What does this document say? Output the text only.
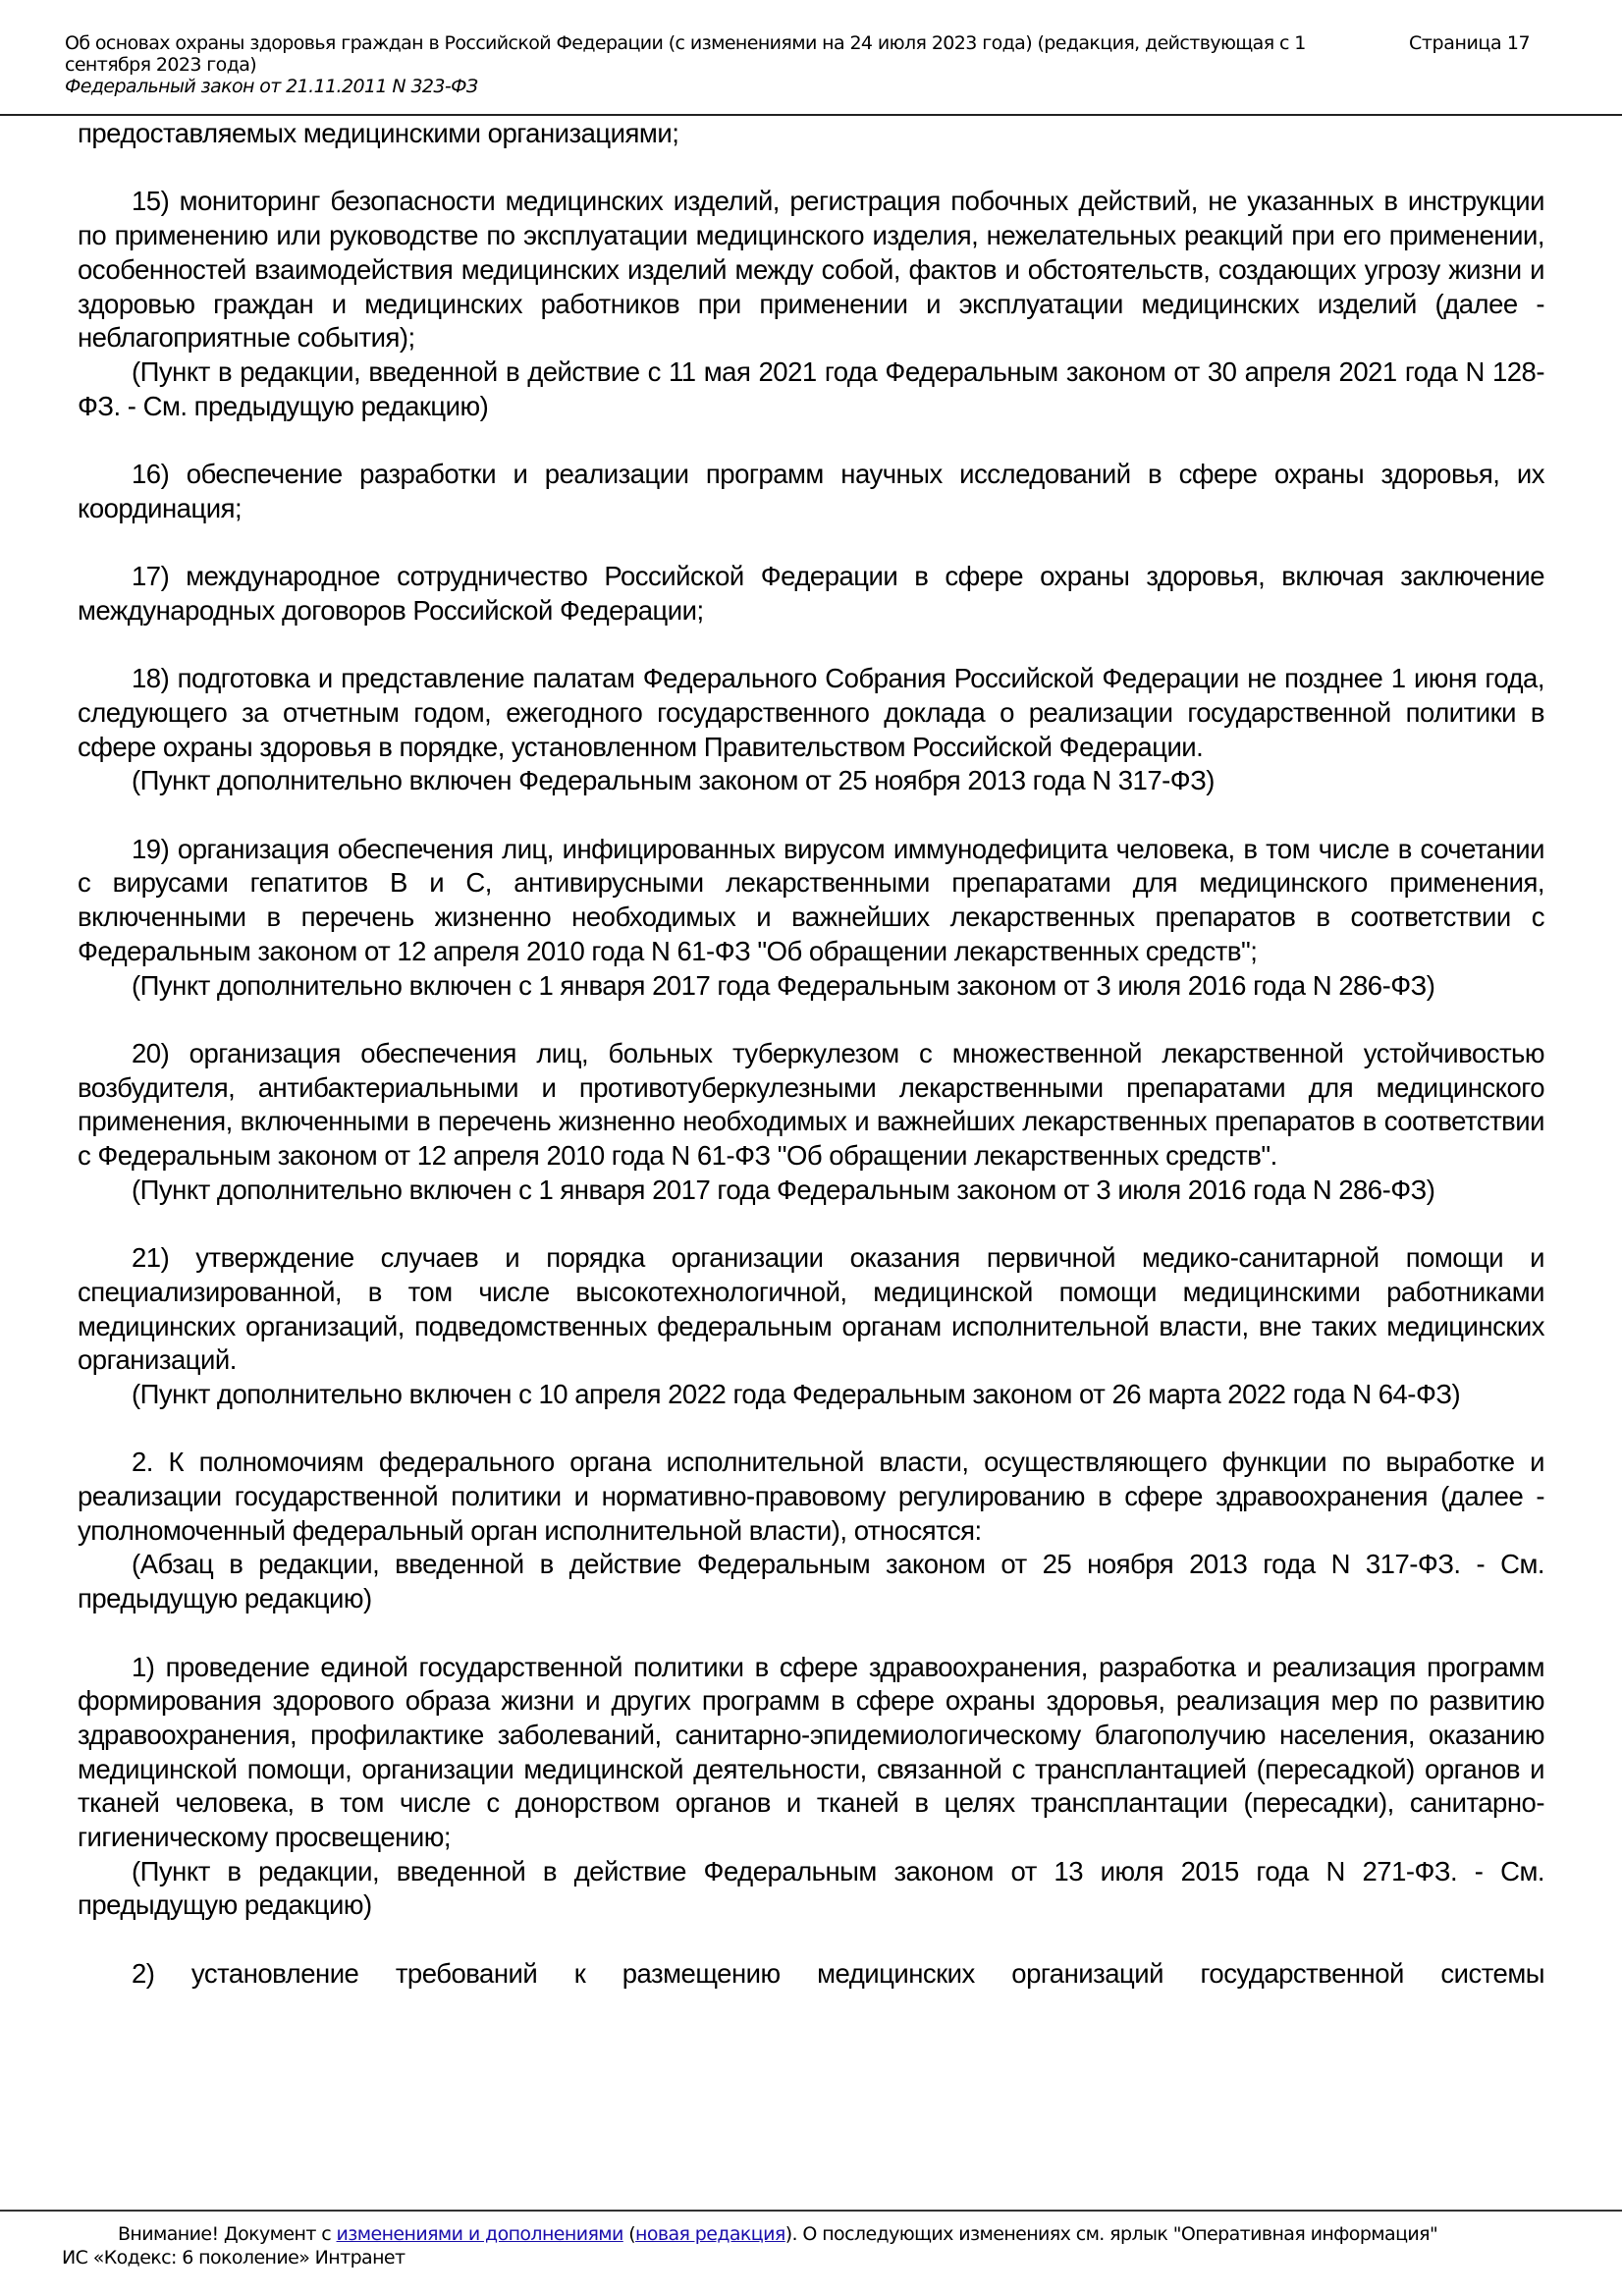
Об основах охраны здоровья граждан в Российской Федерации (с изменениями на 24 июля 2023 года) (редакция, действующая с 1 сентября 2023 года)
Федеральный закон от 21.11.2011 N 323-ФЗ
Страница 17

предоставляемых медицинскими организациями;

15) мониторинг безопасности медицинских изделий, регистрация побочных действий, не указанных в инструкции по применению или руководстве по эксплуатации медицинского изделия, нежелательных реакций при его применении, особенностей взаимодействия медицинских изделий между собой, фактов и обстоятельств, создающих угрозу жизни и здоровью граждан и медицинских работников при применении и эксплуатации медицинских изделий (далее - неблагоприятные события);

(Пункт в редакции, введенной в действие с 11 мая 2021 года Федеральным законом от 30 апреля 2021 года N 128-ФЗ. - См. предыдущую редакцию)

16) обеспечение разработки и реализации программ научных исследований в сфере охраны здоровья, их координация;

17) международное сотрудничество Российской Федерации в сфере охраны здоровья, включая заключение международных договоров Российской Федерации;

18) подготовка и представление палатам Федерального Собрания Российской Федерации не позднее 1 июня года, следующего за отчетным годом, ежегодного государственного доклада о реализации государственной политики в сфере охраны здоровья в порядке, установленном Правительством Российской Федерации.

(Пункт дополнительно включен Федеральным законом от 25 ноября 2013 года N 317-ФЗ)

19) организация обеспечения лиц, инфицированных вирусом иммунодефицита человека, в том числе в сочетании с вирусами гепатитов B и C, антивирусными лекарственными препаратами для медицинского применения, включенными в перечень жизненно необходимых и важнейших лекарственных препаратов в соответствии с Федеральным законом от 12 апреля 2010 года N 61-ФЗ "Об обращении лекарственных средств";

(Пункт дополнительно включен с 1 января 2017 года Федеральным законом от 3 июля 2016 года N 286-ФЗ)

20) организация обеспечения лиц, больных туберкулезом с множественной лекарственной устойчивостью возбудителя, антибактериальными и противотуберкулезными лекарственными препаратами для медицинского применения, включенными в перечень жизненно необходимых и важнейших лекарственных препаратов в соответствии с Федеральным законом от 12 апреля 2010 года N 61-ФЗ "Об обращении лекарственных средств".

(Пункт дополнительно включен с 1 января 2017 года Федеральным законом от 3 июля 2016 года N 286-ФЗ)

21) утверждение случаев и порядка организации оказания первичной медико-санитарной помощи и специализированной, в том числе высокотехнологичной, медицинской помощи медицинскими работниками медицинских организаций, подведомственных федеральным органам исполнительной власти, вне таких медицинских организаций.

(Пункт дополнительно включен с 10 апреля 2022 года Федеральным законом от 26 марта 2022 года N 64-ФЗ)

2. К полномочиям федерального органа исполнительной власти, осуществляющего функции по выработке и реализации государственной политики и нормативно-правовому регулированию в сфере здравоохранения (далее - уполномоченный федеральный орган исполнительной власти), относятся:

(Абзац в редакции, введенной в действие Федеральным законом от 25 ноября 2013 года N 317-ФЗ. - См. предыдущую редакцию)

1) проведение единой государственной политики в сфере здравоохранения, разработка и реализация программ формирования здорового образа жизни и других программ в сфере охраны здоровья, реализация мер по развитию здравоохранения, профилактике заболеваний, санитарно-эпидемиологическому благополучию населения, оказанию медицинской помощи, организации медицинской деятельности, связанной с трансплантацией (пересадкой) органов и тканей человека, в том числе с донорством органов и тканей в целях трансплантации (пересадки), санитарно-гигиеническому просвещению;

(Пункт в редакции, введенной в действие Федеральным законом от 13 июля 2015 года N 271-ФЗ. - См. предыдущую редакцию)

2) установление требований к размещению медицинских организаций государственной системы

Внимание! Документ с изменениями и дополнениями (новая редакция). О последующих изменениях см. ярлык "Оперативная информация"
ИС «Кодекс: 6 поколение» Интранет
